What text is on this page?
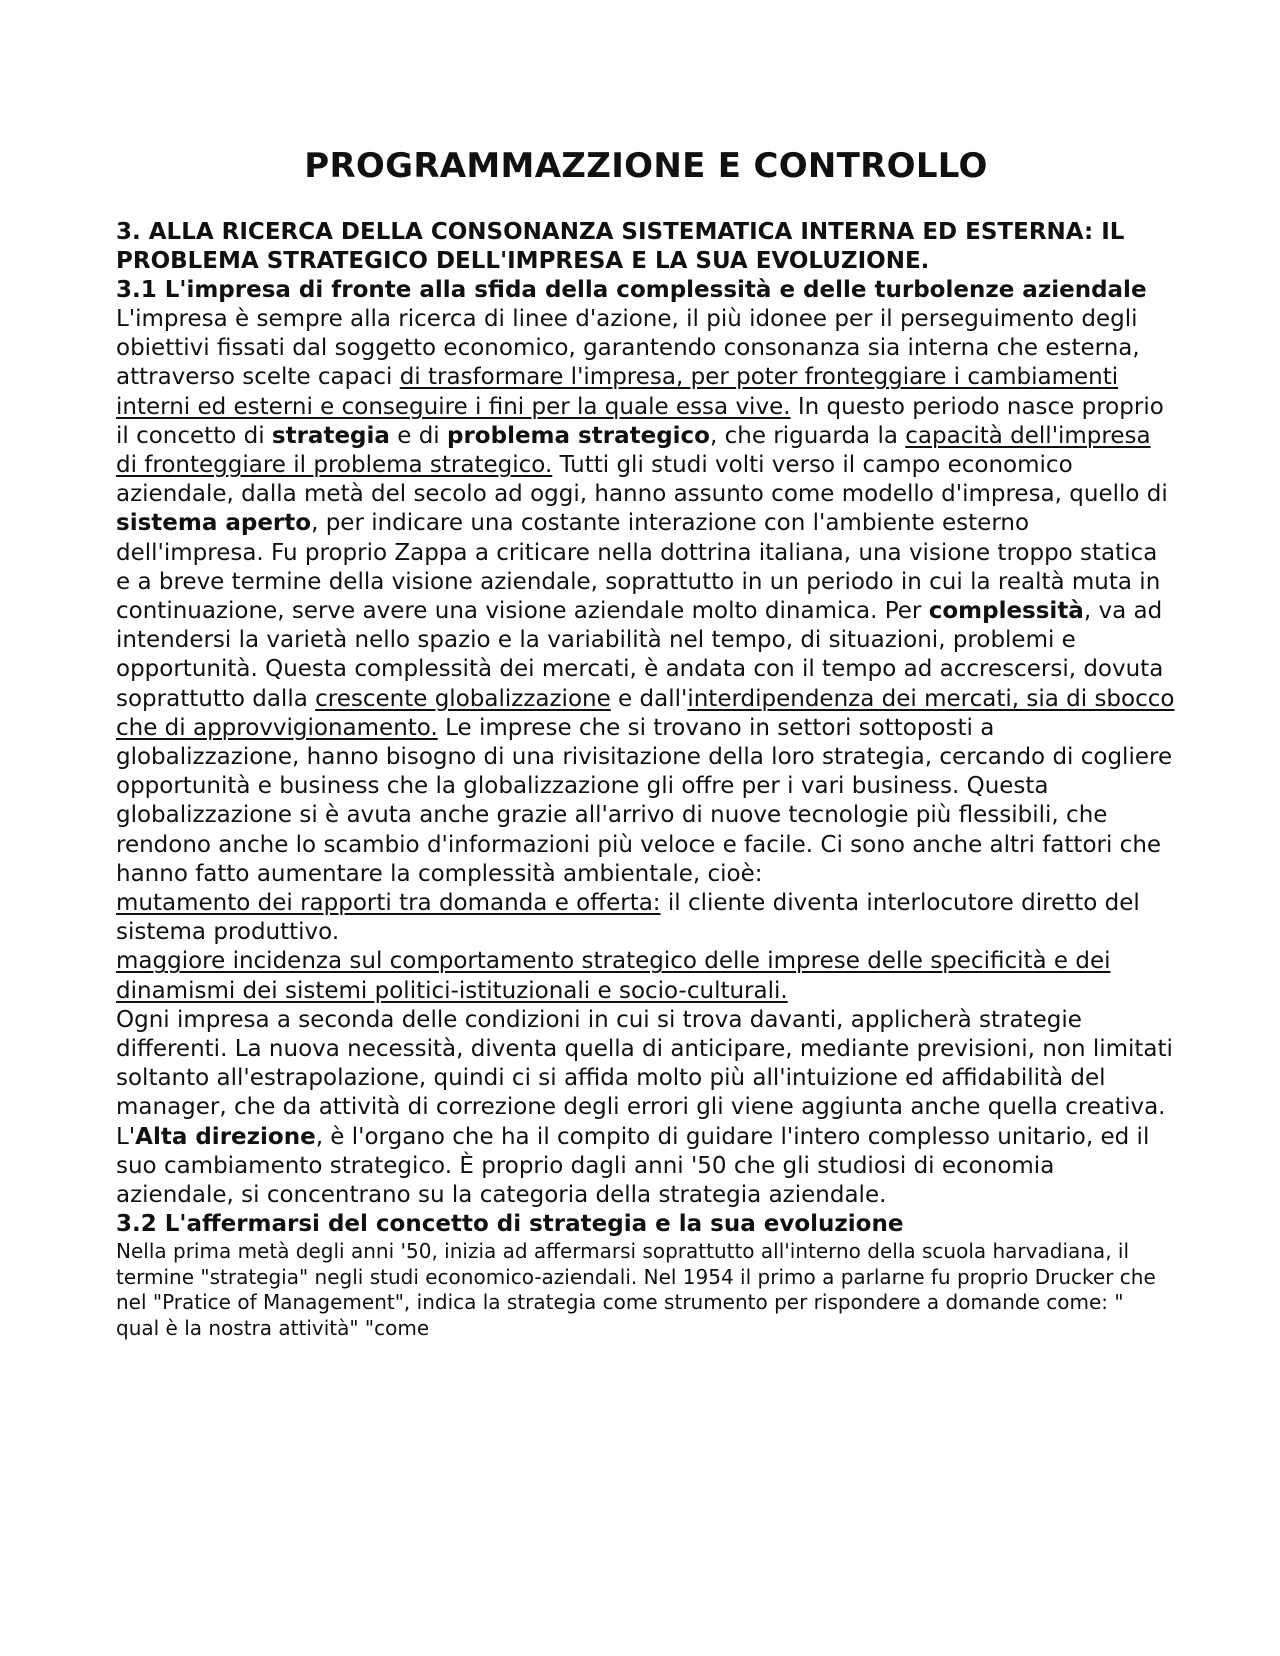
PROGRAMMAZZIONE E CONTROLLO

3. ALLA RICERCA DELLA CONSONANZA SISTEMATICA INTERNA ED ESTERNA: IL PROBLEMA STRATEGICO DELL'IMPRESA E LA SUA EVOLUZIONE.

3.1 L'impresa di fronte alla sfida della complessità e delle turbolenze aziendale

L'impresa è sempre alla ricerca di linee d'azione, il più idonee per il perseguimento degli obiettivi fissati dal soggetto economico, garantendo consonanza sia interna che esterna, attraverso scelte capaci di trasformare l'impresa, per poter fronteggiare i cambiamenti interni ed esterni e conseguire i fini per la quale essa vive. In questo periodo nasce proprio il concetto di strategia e di problema strategico, che riguarda la capacità dell'impresa di fronteggiare il problema strategico. Tutti gli studi volti verso il campo economico aziendale, dalla metà del secolo ad oggi, hanno assunto come modello d'impresa, quello di sistema aperto, per indicare una costante interazione con l'ambiente esterno dell'impresa. Fu proprio Zappa a criticare nella dottrina italiana, una visione troppo statica e a breve termine della visione aziendale, soprattutto in un periodo in cui la realtà muta in continuazione, serve avere una visione aziendale molto dinamica. Per complessità, va ad intendersi la varietà nello spazio e la variabilità nel tempo, di situazioni, problemi e opportunità. Questa complessità dei mercati, è andata con il tempo ad accrescersi, dovuta soprattutto dalla crescente globalizzazione e dall'interdipendenza dei mercati, sia di sbocco che di approvvigionamento. Le imprese che si trovano in settori sottoposti a globalizzazione, hanno bisogno di una rivisitazione della loro strategia, cercando di cogliere opportunità e business che la globalizzazione gli offre per i vari business. Questa globalizzazione si è avuta anche grazie all'arrivo di nuove tecnologie più flessibili, che rendono anche lo scambio d'informazioni più veloce e facile. Ci sono anche altri fattori che hanno fatto aumentare la complessità ambientale, cioè:

mutamento dei rapporti tra domanda e offerta: il cliente diventa interlocutore diretto del sistema produttivo.

maggiore incidenza sul comportamento strategico delle imprese delle specificità e dei dinamismi dei sistemi politici-istituzionali e socio-culturali.

Ogni impresa a seconda delle condizioni in cui si trova davanti, applicherà strategie differenti. La nuova necessità, diventa quella di anticipare, mediante previsioni, non limitati soltanto all'estrapolazione, quindi ci si affida molto più all'intuizione ed affidabilità del manager, che da attività di correzione degli errori gli viene aggiunta anche quella creativa. L'Alta direzione, è l'organo che ha il compito di guidare l'intero complesso unitario, ed il suo cambiamento strategico. È proprio dagli anni '50 che gli studiosi di economia aziendale, si concentrano su la categoria della strategia aziendale.

3.2 L'affermarsi del concetto di strategia e la sua evoluzione

Nella prima metà degli anni '50, inizia ad affermarsi soprattutto all'interno della scuola harvadiana, il termine "strategia" negli studi economico-aziendali. Nel 1954 il primo a parlarne fu proprio Drucker che nel "Pratice of Management", indica la strategia come strumento per rispondere a domande come: "          qual è la nostra attività" "come
